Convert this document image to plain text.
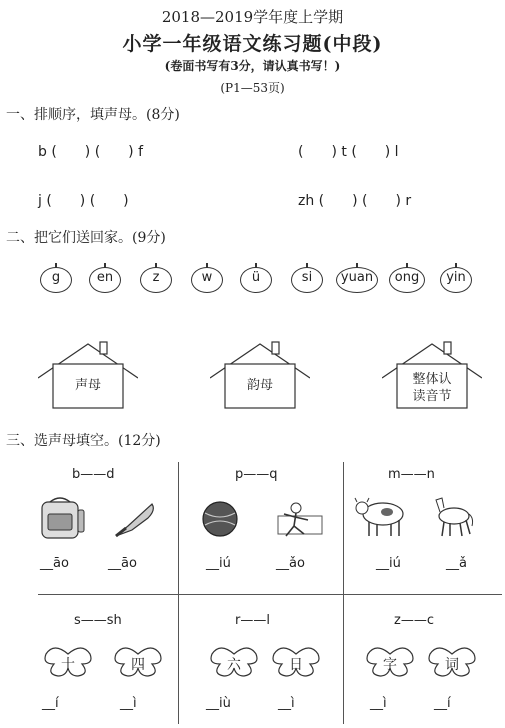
2018—2019学年度上学期
小学一年级语文练习题(中段)
(卷面书写有3分，请认真书写！)
(P1—53页)
一、排顺序，填声母。(8分)
b (　　) (　　) f	(　　) t (　　) l
j (　　) (　　)	zh (　　) (　　) r
二、把它们送回家。(9分)
g	en	z	w	ü	si	yuan	ong	yin
声母	韵母	整体认
读音节
三、选声母填空。(12分)
b——d
__āo	__āo
p——q
__iú	__ǎo
m——n
__iú	__ǎ
s——sh
十	四
__í	__ì
r——l
六	日
__iù	__ì
z——c
字	词
__ì	__í
